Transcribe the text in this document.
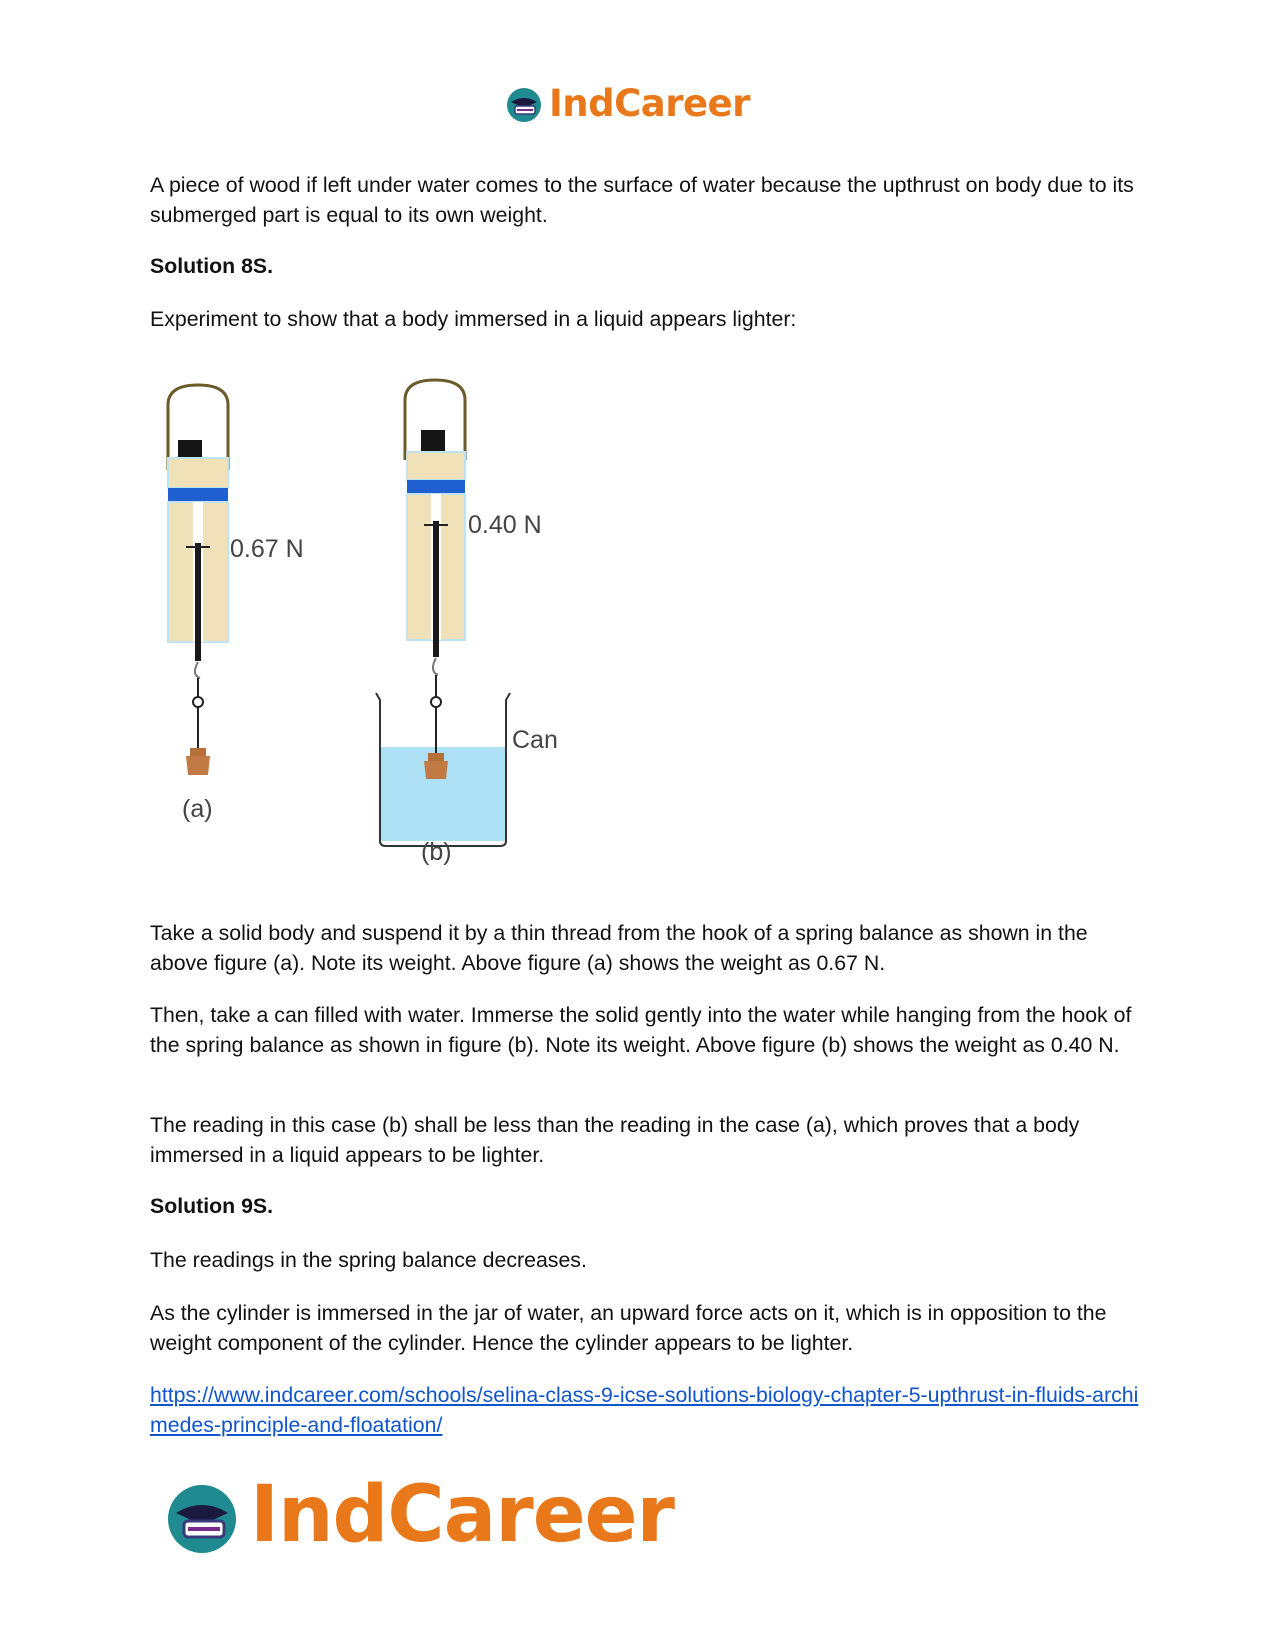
IndCareer

A piece of wood if left under water comes to the surface of water because the upthrust on body due to its submerged part is equal to its own weight.

Solution 8S.

Experiment to show that a body immersed in a liquid appears lighter:

0.67 N
(a)
0.40 N
Can
(b)

Take a solid body and suspend it by a thin thread from the hook of a spring balance as shown in the above figure (a). Note its weight. Above figure (a) shows the weight as 0.67 N.

Then, take a can filled with water. Immerse the solid gently into the water while hanging from the hook of the spring balance as shown in figure (b). Note its weight. Above figure (b) shows the weight as 0.40 N.

The reading in this case (b) shall be less than the reading in the case (a), which proves that a body immersed in a liquid appears to be lighter.

Solution 9S.

The readings in the spring balance decreases.

As the cylinder is immersed in the jar of water, an upward force acts on it, which is in opposition to the weight component of the cylinder. Hence the cylinder appears to be lighter.

https://www.indcareer.com/schools/selina-class-9-icse-solutions-biology-chapter-5-upthrust-in-fluids-archimedes-principle-and-floatation/
IndCareer
